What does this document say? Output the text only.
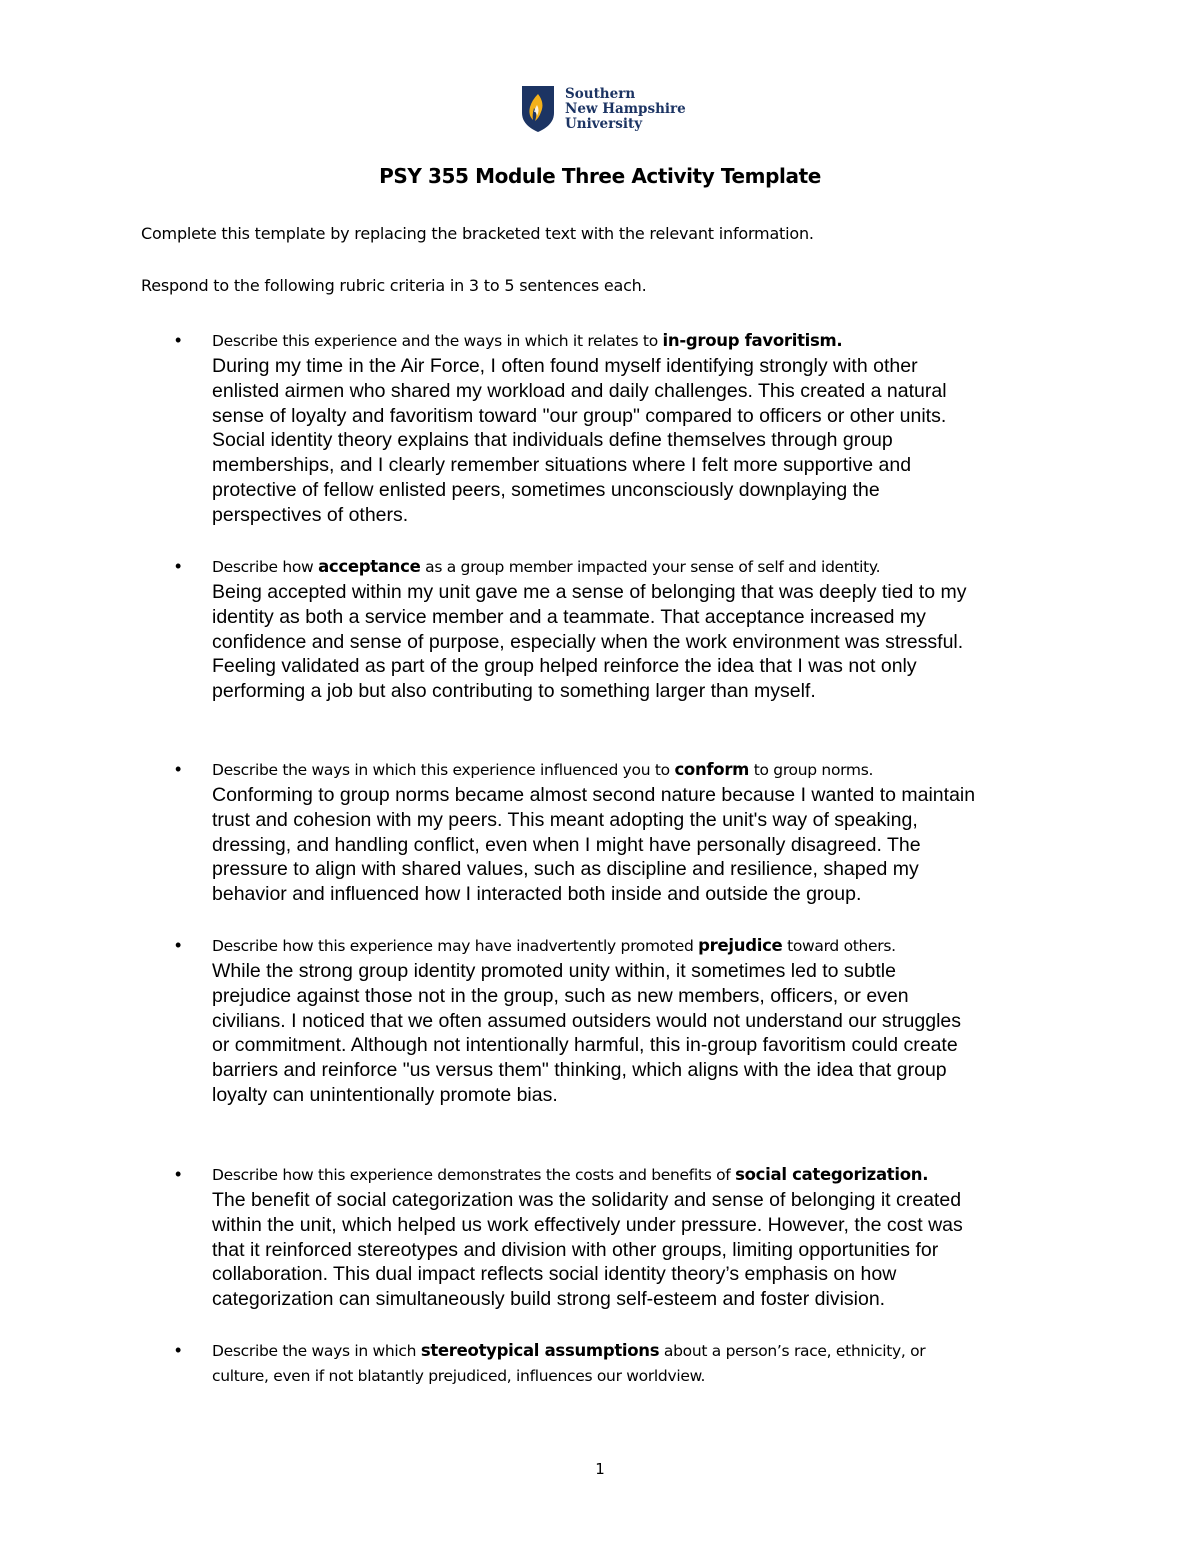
Southern
New Hampshire
University
PSY 355 Module Three Activity Template
Complete this template by replacing the bracketed text with the relevant information.
Respond to the following rubric criteria in 3 to 5 sentences each.
• Describe this experience and the ways in which it relates to in-group favoritism.
During my time in the Air Force, I often found myself identifying strongly with other
enlisted airmen who shared my workload and daily challenges. This created a natural
sense of loyalty and favoritism toward "our group" compared to officers or other units.
Social identity theory explains that individuals define themselves through group
memberships, and I clearly remember situations where I felt more supportive and
protective of fellow enlisted peers, sometimes unconsciously downplaying the
perspectives of others.
• Describe how acceptance as a group member impacted your sense of self and identity.
Being accepted within my unit gave me a sense of belonging that was deeply tied to my
identity as both a service member and a teammate. That acceptance increased my
confidence and sense of purpose, especially when the work environment was stressful.
Feeling validated as part of the group helped reinforce the idea that I was not only
performing a job but also contributing to something larger than myself.
• Describe the ways in which this experience influenced you to conform to group norms.
Conforming to group norms became almost second nature because I wanted to maintain
trust and cohesion with my peers. This meant adopting the unit's way of speaking,
dressing, and handling conflict, even when I might have personally disagreed. The
pressure to align with shared values, such as discipline and resilience, shaped my
behavior and influenced how I interacted both inside and outside the group.
• Describe how this experience may have inadvertently promoted prejudice toward others.
While the strong group identity promoted unity within, it sometimes led to subtle
prejudice against those not in the group, such as new members, officers, or even
civilians. I noticed that we often assumed outsiders would not understand our struggles
or commitment. Although not intentionally harmful, this in-group favoritism could create
barriers and reinforce "us versus them" thinking, which aligns with the idea that group
loyalty can unintentionally promote bias.
• Describe how this experience demonstrates the costs and benefits of social categorization.
The benefit of social categorization was the solidarity and sense of belonging it created
within the unit, which helped us work effectively under pressure. However, the cost was
that it reinforced stereotypes and division with other groups, limiting opportunities for
collaboration. This dual impact reflects social identity theory’s emphasis on how
categorization can simultaneously build strong self-esteem and foster division.
• Describe the ways in which stereotypical assumptions about a person’s race, ethnicity, or
culture, even if not blatantly prejudiced, influences our worldview.
1
